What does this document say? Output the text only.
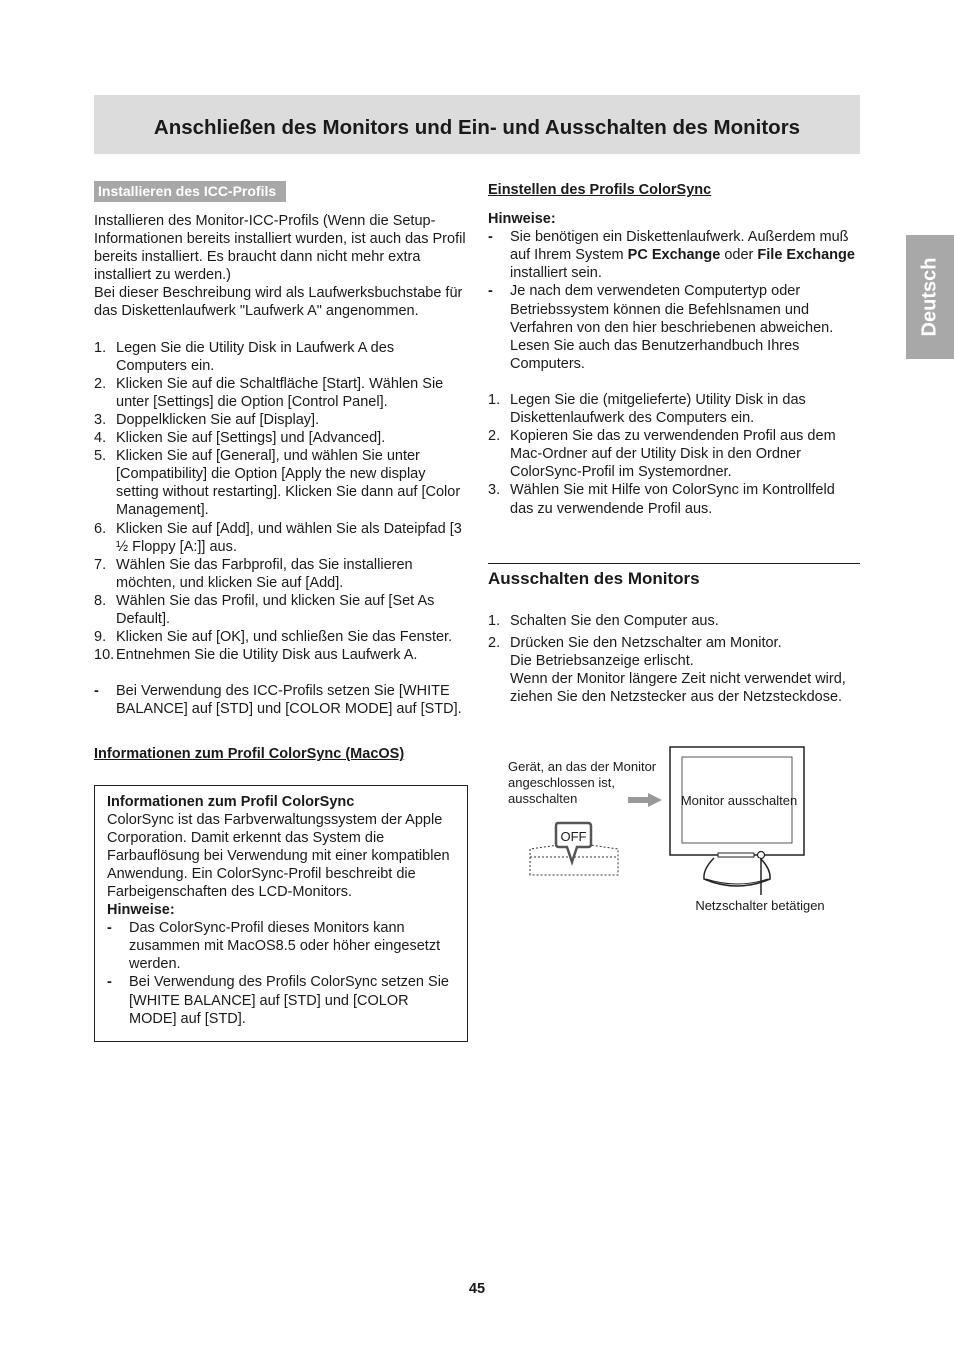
Anschließen des Monitors und Ein- und Ausschalten des Monitors
Deutsch
Installieren des ICC-Profils

Installieren des Monitor-ICC-Profils (Wenn die Setup-Informationen bereits installiert wurden, ist auch das Profil bereits installiert. Es braucht dann nicht mehr extra installiert zu werden.)

Bei dieser Beschreibung wird als Laufwerksbuchstabe für das Diskettenlaufwerk "Laufwerk A" angenommen.

1. Legen Sie die Utility Disk in Laufwerk A des Computers ein.
2. Klicken Sie auf die Schaltfläche [Start]. Wählen Sie unter [Settings] die Option [Control Panel].
3. Doppelklicken Sie auf [Display].
4. Klicken Sie auf [Settings] und [Advanced].
5. Klicken Sie auf [General], und wählen Sie unter [Compatibility] die Option [Apply the new display setting without restarting]. Klicken Sie dann auf [Color Management].
6. Klicken Sie auf [Add], und wählen Sie als Dateipfad [3 ½ Floppy [A:]] aus.
7. Wählen Sie das Farbprofil, das Sie installieren möchten, und klicken Sie auf [Add].
8. Wählen Sie das Profil, und klicken Sie auf [Set As Default].
9. Klicken Sie auf [OK], und schließen Sie das Fenster.
10. Entnehmen Sie die Utility Disk aus Laufwerk A.
- Bei Verwendung des ICC-Profils setzen Sie [WHITE BALANCE] auf [STD] und [COLOR MODE] auf [STD].
Informationen zum Profil ColorSync (MacOS)
Informationen zum Profil ColorSync

ColorSync ist das Farbverwaltungssystem der Apple Corporation. Damit erkennt das System die Farbauflösung bei Verwendung mit einer kompatiblen Anwendung. Ein ColorSync-Profil beschreibt die Farbeigenschaften des LCD-Monitors.

Hinweise:
- Das ColorSync-Profil dieses Monitors kann zusammen mit MacOS8.5 oder höher eingesetzt werden.
- Bei Verwendung des Profils ColorSync setzen Sie [WHITE BALANCE] auf [STD] und [COLOR MODE] auf [STD].
Einstellen des Profils ColorSync
Hinweise:
- Sie benötigen ein Diskettenlaufwerk. Außerdem muß auf Ihrem System PC Exchange oder File Exchange installiert sein.
- Je nach dem verwendeten Computertyp oder Betriebssystem können die Befehlsnamen und Verfahren von den hier beschriebenen abweichen. Lesen Sie auch das Benutzerhandbuch Ihres Computers.
1. Legen Sie die (mitgelieferte) Utility Disk in das Diskettenlaufwerk des Computers ein.
2. Kopieren Sie das zu verwendenden Profil aus dem Mac-Ordner auf der Utility Disk in den Ordner ColorSync-Profil im Systemordner.
3. Wählen Sie mit Hilfe von ColorSync im Kontrollfeld das zu verwendende Profil aus.
Ausschalten des Monitors
1. Schalten Sie den Computer aus.
2. Drücken Sie den Netzschalter am Monitor.
Die Betriebsanzeige erlischt.
Wenn der Monitor längere Zeit nicht verwendet wird, ziehen Sie den Netzstecker aus der Netzsteckdose.
Gerät, an das der Monitor angeschlossen ist, ausschalten
OFF
Monitor ausschalten
Netzschalter betätigen
45
